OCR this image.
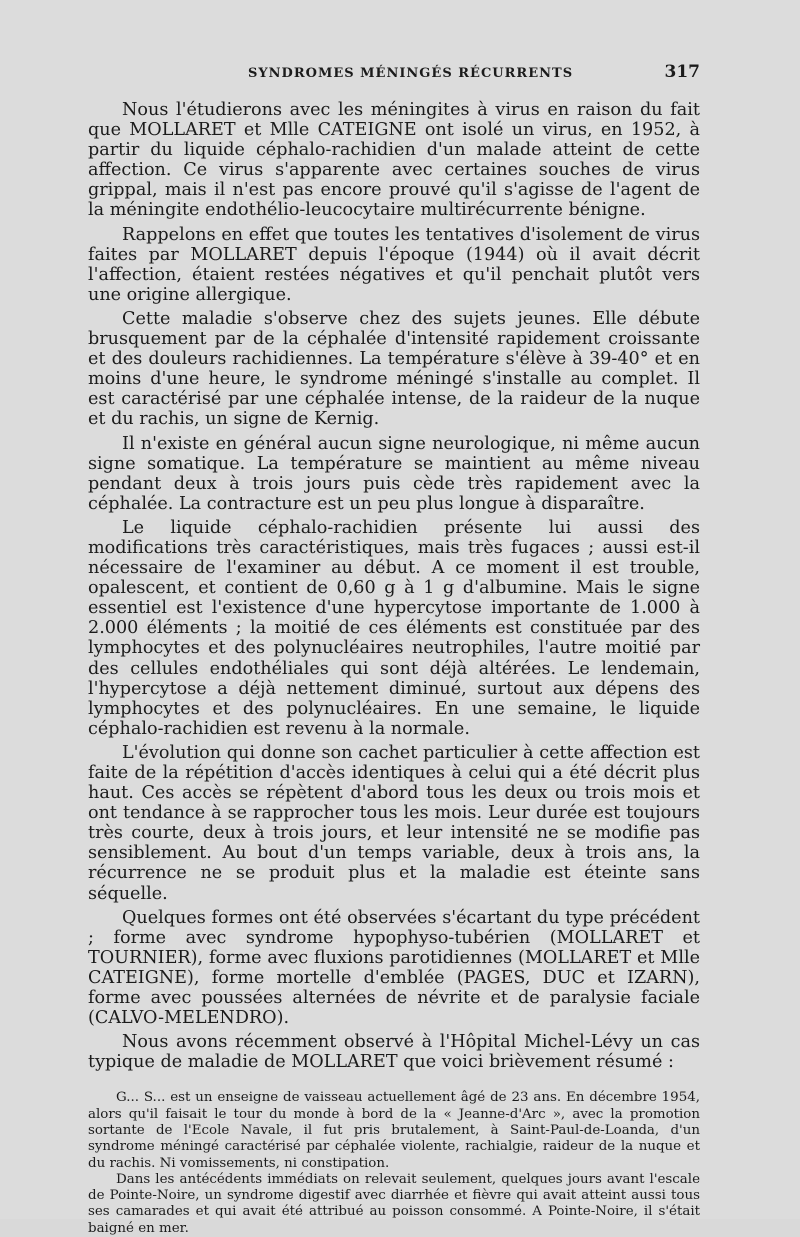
SYNDROMES MÉNINGÉS RÉCURRENTS	317

Nous l'étudierons avec les méningites à virus en raison du fait que MOLLARET et Mlle CATEIGNE ont isolé un virus, en 1952, à partir du liquide céphalo-rachidien d'un malade atteint de cette affection. Ce virus s'apparente avec certaines souches de virus grippal, mais il n'est pas encore prouvé qu'il s'agisse de l'agent de la méningite endothélio-leucocytaire multirécurrente bénigne.

Rappelons en effet que toutes les tentatives d'isolement de virus faites par MOLLARET depuis l'époque (1944) où il avait décrit l'affection, étaient restées négatives et qu'il penchait plutôt vers une origine allergique.

Cette maladie s'observe chez des sujets jeunes. Elle débute brusquement par de la céphalée d'intensité rapidement croissante et des douleurs rachidiennes. La température s'élève à 39-40° et en moins d'une heure, le syndrome méningé s'installe au complet. Il est caractérisé par une céphalée intense, de la raideur de la nuque et du rachis, un signe de Kernig.

Il n'existe en général aucun signe neurologique, ni même aucun signe somatique. La température se maintient au même niveau pendant deux à trois jours puis cède très rapidement avec la céphalée. La contracture est un peu plus longue à disparaître.

Le liquide céphalo-rachidien présente lui aussi des modifications très caractéristiques, mais très fugaces ; aussi est-il nécessaire de l'examiner au début. A ce moment il est trouble, opalescent, et contient de 0,60 g à 1 g d'albumine. Mais le signe essentiel est l'existence d'une hypercytose importante de 1.000 à 2.000 éléments ; la moitié de ces éléments est constituée par des lymphocytes et des polynucléaires neutrophiles, l'autre moitié par des cellules endothéliales qui sont déjà altérées. Le lendemain, l'hypercytose a déjà nettement diminué, surtout aux dépens des lymphocytes et des polynucléaires. En une semaine, le liquide céphalo-rachidien est revenu à la normale.

L'évolution qui donne son cachet particulier à cette affection est faite de la répétition d'accès identiques à celui qui a été décrit plus haut. Ces accès se répètent d'abord tous les deux ou trois mois et ont tendance à se rapprocher tous les mois. Leur durée est toujours très courte, deux à trois jours, et leur intensité ne se modifie pas sensiblement. Au bout d'un temps variable, deux à trois ans, la récurrence ne se produit plus et la maladie est éteinte sans séquelle.

Quelques formes ont été observées s'écartant du type précédent ; forme avec syndrome hypophyso-tubérien (MOLLARET et TOURNIER), forme avec fluxions parotidiennes (MOLLARET et Mlle CATEIGNE), forme mortelle d'emblée (PAGES, DUC et IZARN), forme avec poussées alternées de névrite et de paralysie faciale (CALVO-MELENDRO).

Nous avons récemment observé à l'Hôpital Michel-Lévy un cas typique de maladie de MOLLARET que voici brièvement résumé :

G... S... est un enseigne de vaisseau actuellement âgé de 23 ans. En décembre 1954, alors qu'il faisait le tour du monde à bord de la « Jeanne-d'Arc », avec la promotion sortante de l'Ecole Navale, il fut pris brutalement, à Saint-Paul-de-Loanda, d'un syndrome méningé caractérisé par céphalée violente, rachialgie, raideur de la nuque et du rachis. Ni vomissements, ni constipation.

Dans les antécédents immédiats on relevait seulement, quelques jours avant l'escale de Pointe-Noire, un syndrome digestif avec diarrhée et fièvre qui avait atteint aussi tous ses camarades et qui avait été attribué au poisson consommé. A Pointe-Noire, il s'était baigné en mer.
